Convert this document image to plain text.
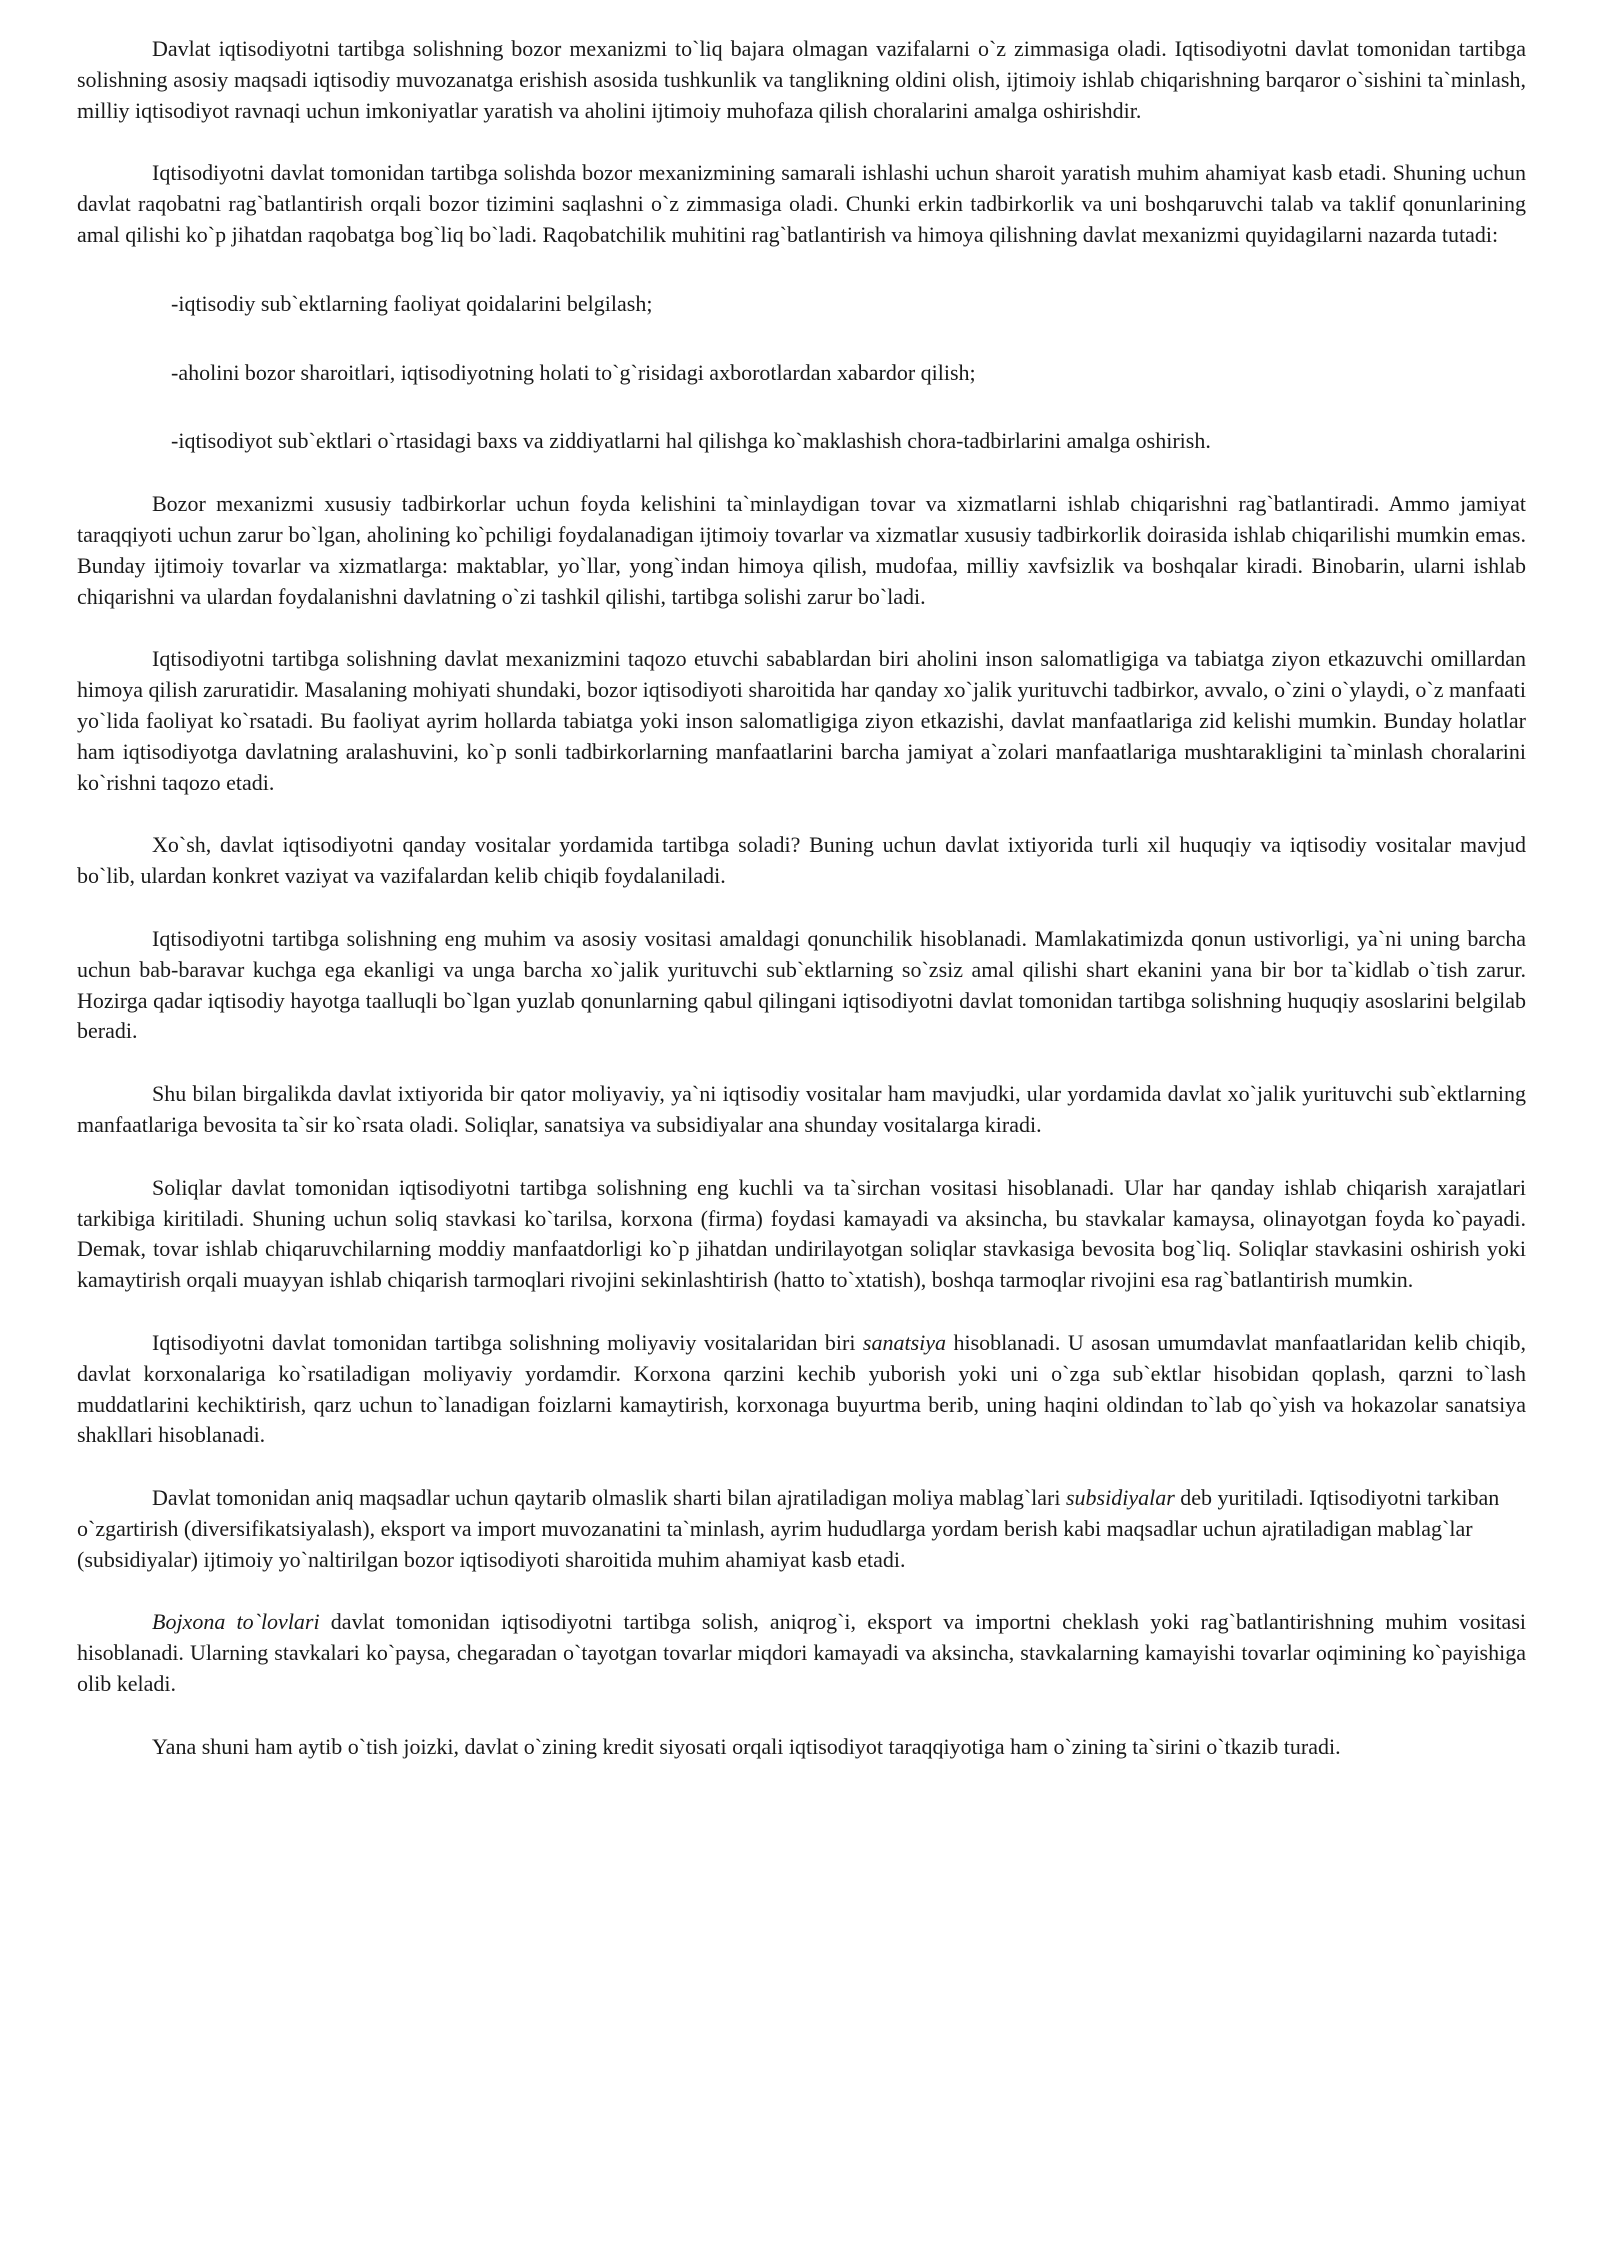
Davlat iqtisodiyotni tartibga solishning bozor mexanizmi to`liq bajara olmagan vazifalarni o`z zimmasiga oladi. Iqtisodiyotni davlat tomonidan tartibga solishning asosiy maqsadi iqtisodiy muvozanatga erishish asosida tushkunlik va tanglikning oldini olish, ijtimoiy ishlab chiqarishning barqaror o`sishini ta`minlash, milliy iqtisodiyot ravnaqi uchun imkoniyatlar yaratish va aholini ijtimoiy muhofaza qilish choralarini amalga oshirishdir.

Iqtisodiyotni davlat tomonidan tartibga solishda bozor mexanizmining samarali ishlashi uchun sharoit yaratish muhim ahamiyat kasb etadi. Shuning uchun davlat raqobatni rag`batlantirish orqali bozor tizimini saqlashni o`z zimmasiga oladi. Chunki erkin tadbirkorlik va uni boshqaruvchi talab va taklif qonunlarining amal qilishi ko`p jihatdan raqobatga bog`liq bo`ladi. Raqobatchilik muhitini rag`batlantirish va himoya qilishning davlat mexanizmi quyidagilarni nazarda tutadi:

-iqtisodiy sub`ektlarning faoliyat qoidalarini belgilash;

-aholini bozor sharoitlari, iqtisodiyotning holati to`g`risidagi axborotlardan xabardor qilish;

-iqtisodiyot sub`ektlari o`rtasidagi baxs va ziddiyatlarni hal qilishga ko`maklashish chora-tadbirlarini amalga oshirish.

Bozor mexanizmi xususiy tadbirkorlar uchun foyda kelishini ta`minlaydigan tovar va xizmatlarni ishlab chiqarishni rag`batlantiradi. Ammo jamiyat taraqqiyoti uchun zarur bo`lgan, aholining ko`pchiligi foydalanadigan ijtimoiy tovarlar va xizmatlar xususiy tadbirkorlik doirasida ishlab chiqarilishi mumkin emas. Bunday ijtimoiy tovarlar va xizmatlarga: maktablar, yo`llar, yong`indan himoya qilish, mudofaa, milliy xavfsizlik va boshqalar kiradi. Binobarin, ularni ishlab chiqarishni va ulardan foydalanishni davlatning o`zi tashkil qilishi, tartibga solishi zarur bo`ladi.

Iqtisodiyotni tartibga solishning davlat mexanizmini taqozo etuvchi sabablardan biri aholini inson salomatligiga va tabiatga ziyon etkazuvchi omillardan himoya qilish zaruratidir. Masalaning mohiyati shundaki, bozor iqtisodiyoti sharoitida har qanday xo`jalik yurituvchi tadbirkor, avvalo, o`zini o`ylaydi, o`z manfaati yo`lida faoliyat ko`rsatadi. Bu faoliyat ayrim hollarda tabiatga yoki inson salomatligiga ziyon etkazishi, davlat manfaatlariga zid kelishi mumkin. Bunday holatlar ham iqtisodiyotga davlatning aralashuvini, ko`p sonli tadbirkorlarning manfaatlarini barcha jamiyat a`zolari manfaatlariga mushtarakligini ta`minlash choralarini ko`rishni taqozo etadi.

Xo`sh, davlat iqtisodiyotni qanday vositalar yordamida tartibga soladi? Buning uchun davlat ixtiyorida turli xil huquqiy va iqtisodiy vositalar mavjud bo`lib, ulardan konkret vaziyat va vazifalardan kelib chiqib foydalaniladi.

Iqtisodiyotni tartibga solishning eng muhim va asosiy vositasi amaldagi qonunchilik hisoblanadi. Mamlakatimizda qonun ustivorligi, ya`ni uning barcha uchun bab-baravar kuchga ega ekanligi va unga barcha xo`jalik yurituvchi sub`ektlarning so`zsiz amal qilishi shart ekanini yana bir bor ta`kidlab o`tish zarur. Hozirga qadar iqtisodiy hayotga taalluqli bo`lgan yuzlab qonunlarning qabul qilingani iqtisodiyotni davlat tomonidan tartibga solishning huquqiy asoslarini belgilab beradi.

Shu bilan birgalikda davlat ixtiyorida bir qator moliyaviy, ya`ni iqtisodiy vositalar ham mavjudki, ular yordamida davlat xo`jalik yurituvchi sub`ektlarning manfaatlariga bevosita ta`sir ko`rsata oladi. Soliqlar, sanatsiya va subsidiyalar ana shunday vositalarga kiradi.

Soliqlar davlat tomonidan iqtisodiyotni tartibga solishning eng kuchli va ta`sirchan vositasi hisoblanadi. Ular har qanday ishlab chiqarish xarajatlari tarkibiga kiritiladi. Shuning uchun soliq stavkasi ko`tarilsa, korxona (firma) foydasi kamayadi va aksincha, bu stavkalar kamaysa, olinayotgan foyda ko`payadi. Demak, tovar ishlab chiqaruvchilarning moddiy manfaatdorligi ko`p jihatdan undirilayotgan soliqlar stavkasiga bevosita bog`liq. Soliqlar stavkasini oshirish yoki kamaytirish orqali muayyan ishlab chiqarish tarmoqlari rivojini sekinlashtirish (hatto to`xtatish), boshqa tarmoqlar rivojini esa rag`batlantirish mumkin.

Iqtisodiyotni davlat tomonidan tartibga solishning moliyaviy vositalaridan biri sanatsiya hisoblanadi. U asosan umumdavlat manfaatlaridan kelib chiqib, davlat korxonalariga ko`rsatiladigan moliyaviy yordamdir. Korxona qarzini kechib yuborish yoki uni o`zga sub`ektlar hisobidan qoplash, qarzni to`lash muddatlarini kechiktirish, qarz uchun to`lanadigan foizlarni kamaytirish, korxonaga buyurtma berib, uning haqini oldindan to`lab qo`yish va hokazolar sanatsiya shakllari hisoblanadi.

Davlat tomonidan aniq maqsadlar uchun qaytarib olmaslik sharti bilan ajratiladigan moliya mablag`lari subsidiyalar deb yuritiladi. Iqtisodiyotni tarkiban o`zgartirish (diversifikatsiyalash), eksport va import muvozanatini ta`minlash, ayrim hududlarga yordam berish kabi maqsadlar uchun ajratiladigan mablag`lar (subsidiyalar) ijtimoiy yo`naltirilgan bozor iqtisodiyoti sharoitida muhim ahamiyat kasb etadi.

Bojxona to`lovlari davlat tomonidan iqtisodiyotni tartibga solish, aniqrog`i, eksport va importni cheklash yoki rag`batlantirishning muhim vositasi hisoblanadi. Ularning stavkalari ko`paysa, chegaradan o`tayotgan tovarlar miqdori kamayadi va aksincha, stavkalarning kamayishi tovarlar oqimining ko`payishiga olib keladi.

Yana shuni ham aytib o`tish joizki, davlat o`zining kredit siyosati orqali iqtisodiyot taraqqiyotiga ham o`zining ta`sirini o`tkazib turadi.
